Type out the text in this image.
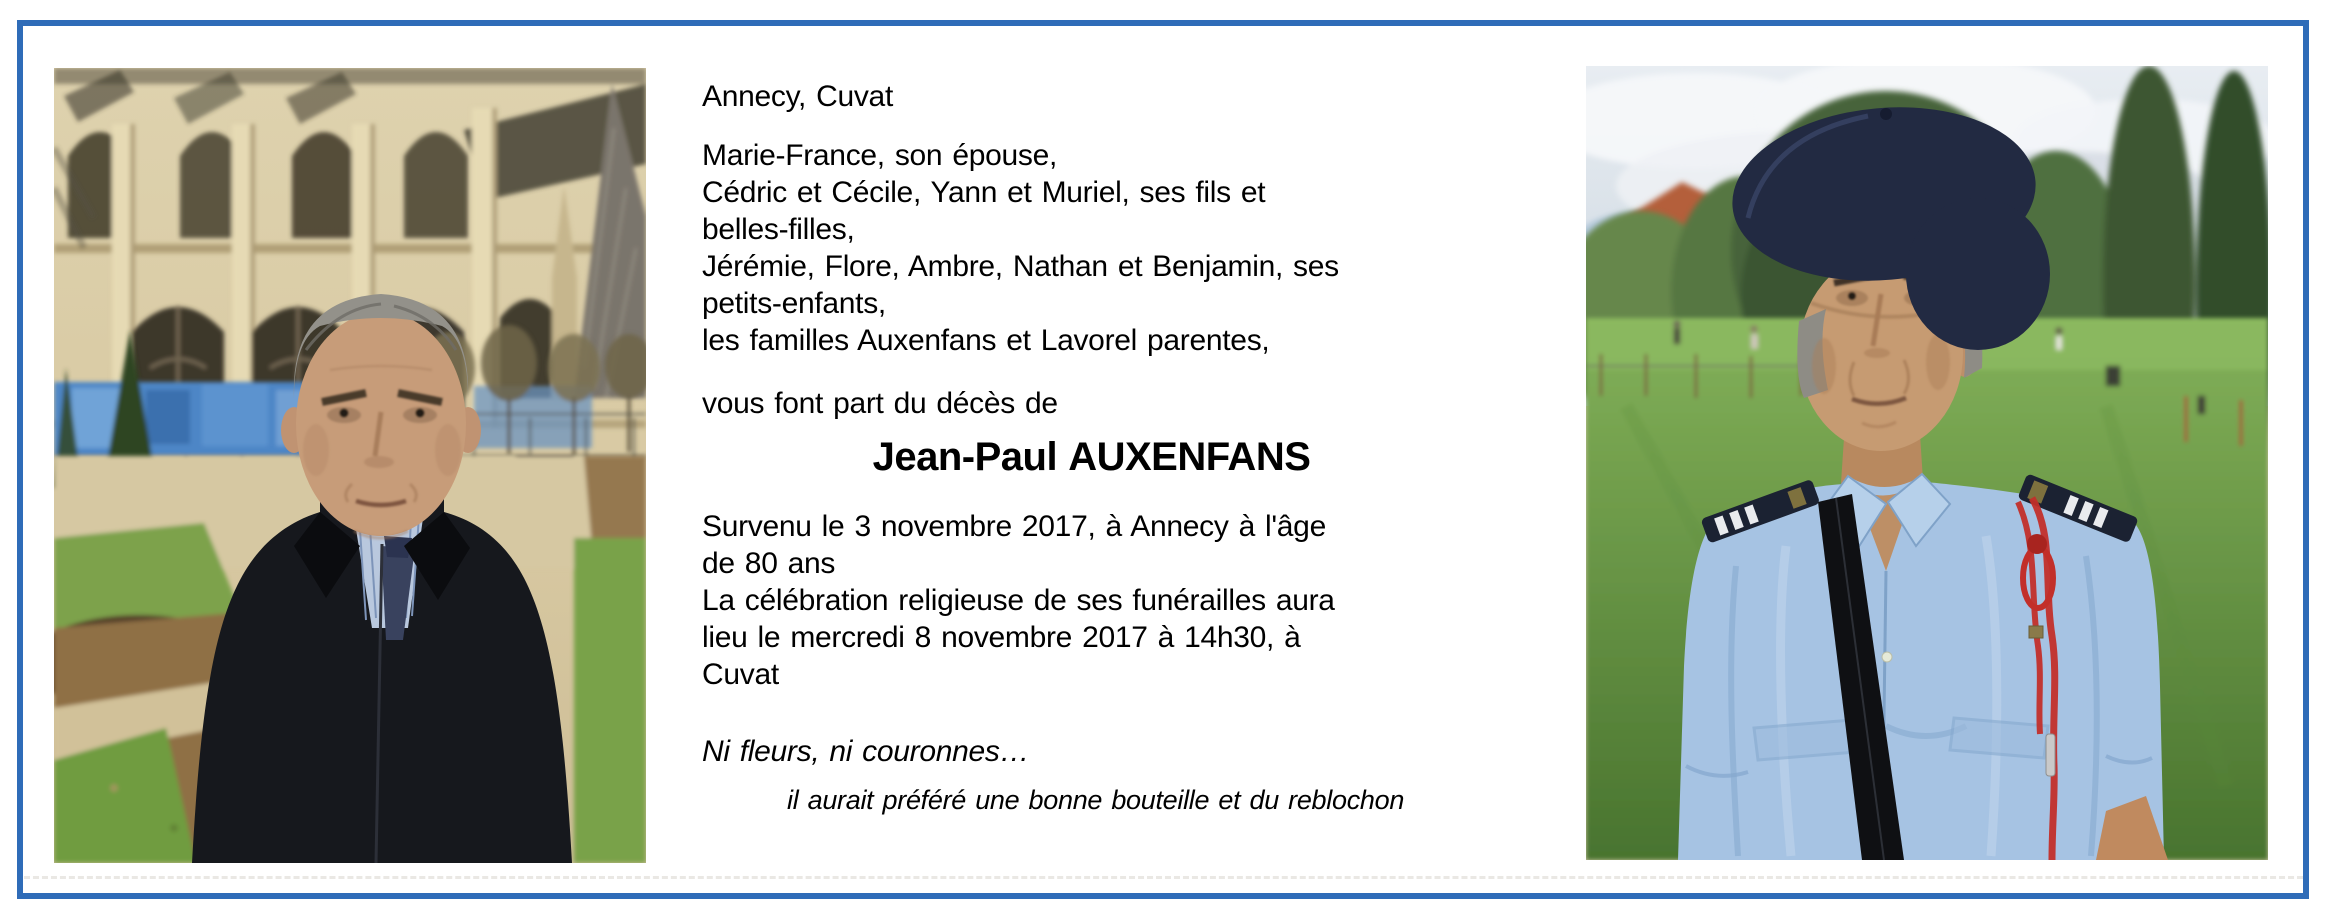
Annecy, Cuvat
Marie-France, son épouse,
Cédric et Cécile, Yann et Muriel, ses fils et
belles-filles,
Jérémie, Flore, Ambre, Nathan et Benjamin, ses
petits-enfants,
les familles Auxenfans et Lavorel parentes,
vous font part du décès de
Jean-Paul AUXENFANS
Survenu le 3 novembre 2017, à Annecy à l'âge
de 80 ans
La célébration religieuse de ses funérailles aura
lieu le mercredi 8 novembre 2017 à 14h30, à
Cuvat
Ni fleurs, ni couronnes…
il aurait préféré une bonne bouteille et du reblochon
